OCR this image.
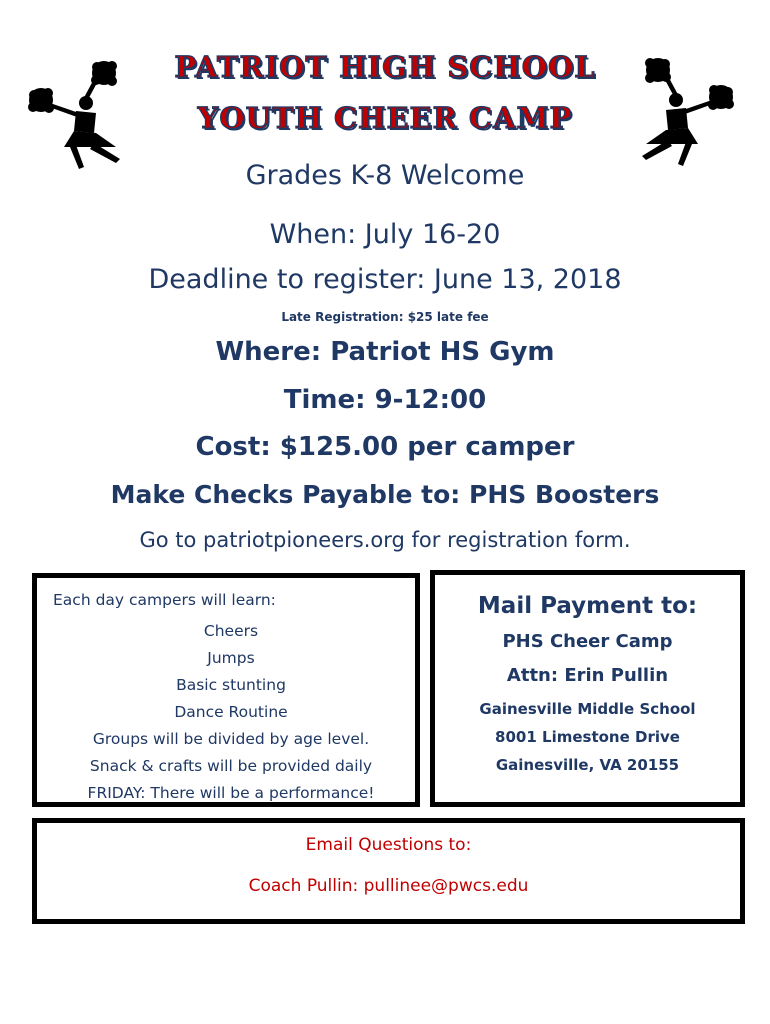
PATRIOT HIGH SCHOOL
YOUTH CHEER CAMP
Grades K-8 Welcome
When: July 16-20
Deadline to register: June 13, 2018
Late Registration: $25 late fee
Where: Patriot HS Gym
Time: 9-12:00
Cost: $125.00 per camper
Make Checks Payable to: PHS Boosters
Go to patriotpioneers.org for registration form.
Each day campers will learn:
Cheers
Jumps
Basic stunting
Dance Routine
Groups will be divided by age level.
Snack & crafts will be provided daily
FRIDAY: There will be a performance!
Mail Payment to:
PHS Cheer Camp
Attn: Erin Pullin
Gainesville Middle School
8001 Limestone Drive
Gainesville, VA 20155
Email Questions to:
Coach Pullin: pullinee@pwcs.edu
